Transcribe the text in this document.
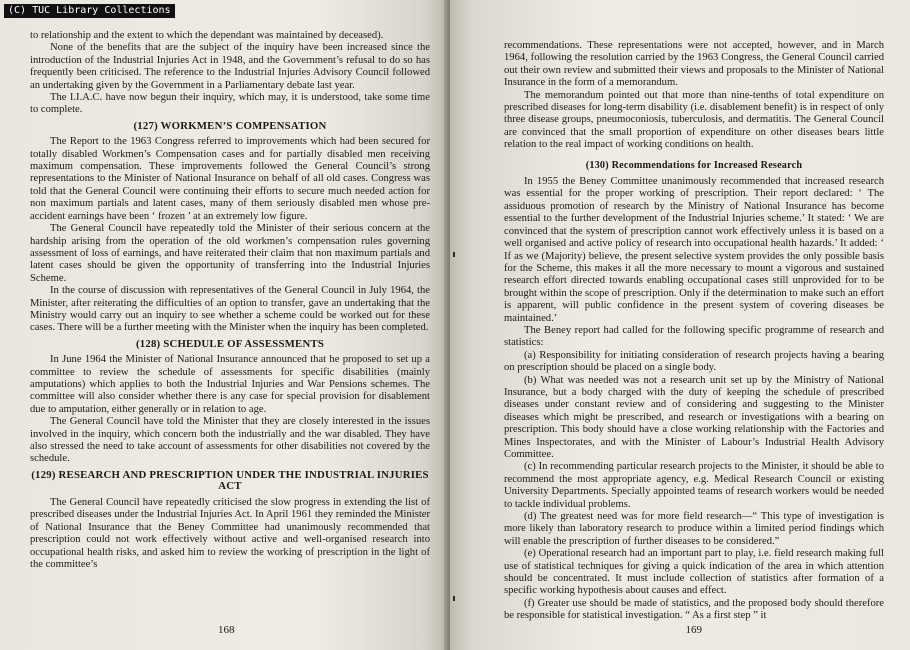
(C) TUC Library Collections

to relationship and the extent to which the dependant was maintained by deceased).

None of the benefits that are the subject of the inquiry have been increased since the introduction of the Industrial Injuries Act in 1948, and the Government’s refusal to do so has frequently been criticised. The reference to the Industrial Injuries Advisory Council followed an undertaking given by the Government in a Parliamentary debate last year.

The I.I.A.C. have now begun their inquiry, which may, it is understood, take some time to complete.

(127) WORKMEN’S COMPENSATION

The Report to the 1963 Congress referred to improvements which had been secured for totally disabled Workmen’s Compensation cases and for partially disabled men receiving maximum compensation. These improvements followed the General Council’s strong representations to the Minister of National Insurance on behalf of all old cases. Congress was told that the General Council were continuing their efforts to secure much needed action for non maximum partials and latent cases, many of them seriously disabled men whose pre-accident earnings have been ‘ frozen ’ at an extremely low figure.

The General Council have repeatedly told the Minister of their serious concern at the hardship arising from the operation of the old workmen’s compensation rules governing assessment of loss of earnings, and have reiterated their claim that non maximum partials and latent cases should be given the opportunity of transferring into the Industrial Injuries Scheme.

In the course of discussion with representatives of the General Council in July 1964, the Minister, after reiterating the difficulties of an option to transfer, gave an undertaking that the Ministry would carry out an inquiry to see whether a scheme could be worked out for these cases. There will be a further meeting with the Minister when the inquiry has been completed.

(128) SCHEDULE OF ASSESSMENTS

In June 1964 the Minister of National Insurance announced that he proposed to set up a committee to review the schedule of assessments for specific disabilities (mainly amputations) which applies to both the Industrial Injuries and War Pensions schemes. The committee will also consider whether there is any case for special provision for disablement due to amputation, either generally or in relation to age.

The General Council have told the Minister that they are closely interested in the issues involved in the inquiry, which concern both the industrially and the war disabled. They have also stressed the need to take account of assessments for other disabilities not covered by the schedule.

(129) RESEARCH AND PRESCRIPTION UNDER THE INDUSTRIAL INJURIES ACT

The General Council have repeatedly criticised the slow progress in extending the list of prescribed diseases under the Industrial Injuries Act. In April 1961 they reminded the Minister of National Insurance that the Beney Committee had unanimously recommended that prescription could not work effectively without active and well-organised research into occupational health risks, and asked him to review the working of prescription in the light of the committee’s

168

recommendations. These representations were not accepted, however, and in March 1964, following the resolution carried by the 1963 Congress, the General Council carried out their own review and submitted their views and proposals to the Minister of National Insurance in the form of a memorandum.

The memorandum pointed out that more than nine-tenths of total expenditure on prescribed diseases for long-term disability (i.e. disablement benefit) is in respect of only three disease groups, pneumoconiosis, tuberculosis, and dermatitis. The General Council are convinced that the small proportion of expenditure on other diseases bears little relation to the real impact of working conditions on health.

(130) Recommendations for Increased Research

In 1955 the Beney Committee unanimously recommended that increased research was essential for the proper working of prescription. Their report declared: ‘ The assiduous promotion of research by the Ministry of National Insurance has become essential to the further development of the Industrial Injuries scheme.’ It stated: ‘ We are convinced that the system of prescription cannot work effectively unless it is based on a well organised and active policy of research into occupational health hazards.’ It added: ‘ If as we (Majority) believe, the present selective system provides the only possible basis for the Scheme, this makes it all the more necessary to mount a vigorous and sustained research effort directed towards enabling occupational cases still unprovided for to be brought within the scope of prescription. Only if the determination to make such an effort is apparent, will public confidence in the present system of covering diseases be maintained.’

The Beney report had called for the following specific programme of research and statistics:

(a) Responsibility for initiating consideration of research projects having a bearing on prescription should be placed on a single body.

(b) What was needed was not a research unit set up by the Ministry of National Insurance, but a body charged with the duty of keeping the schedule of prescribed diseases under constant review and of considering and suggesting to the Minister diseases which might be prescribed, and research or investigations with a bearing on prescription. This body should have a close working relationship with the Factories and Mines Inspectorates, and with the Minister of Labour’s Industrial Health Advisory Committee.

(c) In recommending particular research projects to the Minister, it should be able to recommend the most appropriate agency, e.g. Medical Research Council or existing University Departments. Specially appointed teams of research workers would be needed to tackle individual problems.

(d) The greatest need was for more field research—“ This type of investigation is more likely than laboratory research to produce within a limited period findings which will enable the prescription of further diseases to be considered.”

(e) Operational research had an important part to play, i.e. field research making full use of statistical techniques for giving a quick indication of the area in which attention should be concentrated. It must include collection of statistics after formation of a specific working hypothesis about causes and effect.

(f) Greater use should be made of statistics, and the proposed body should therefore be responsible for statistical investigation. “ As a first step ” it

169
